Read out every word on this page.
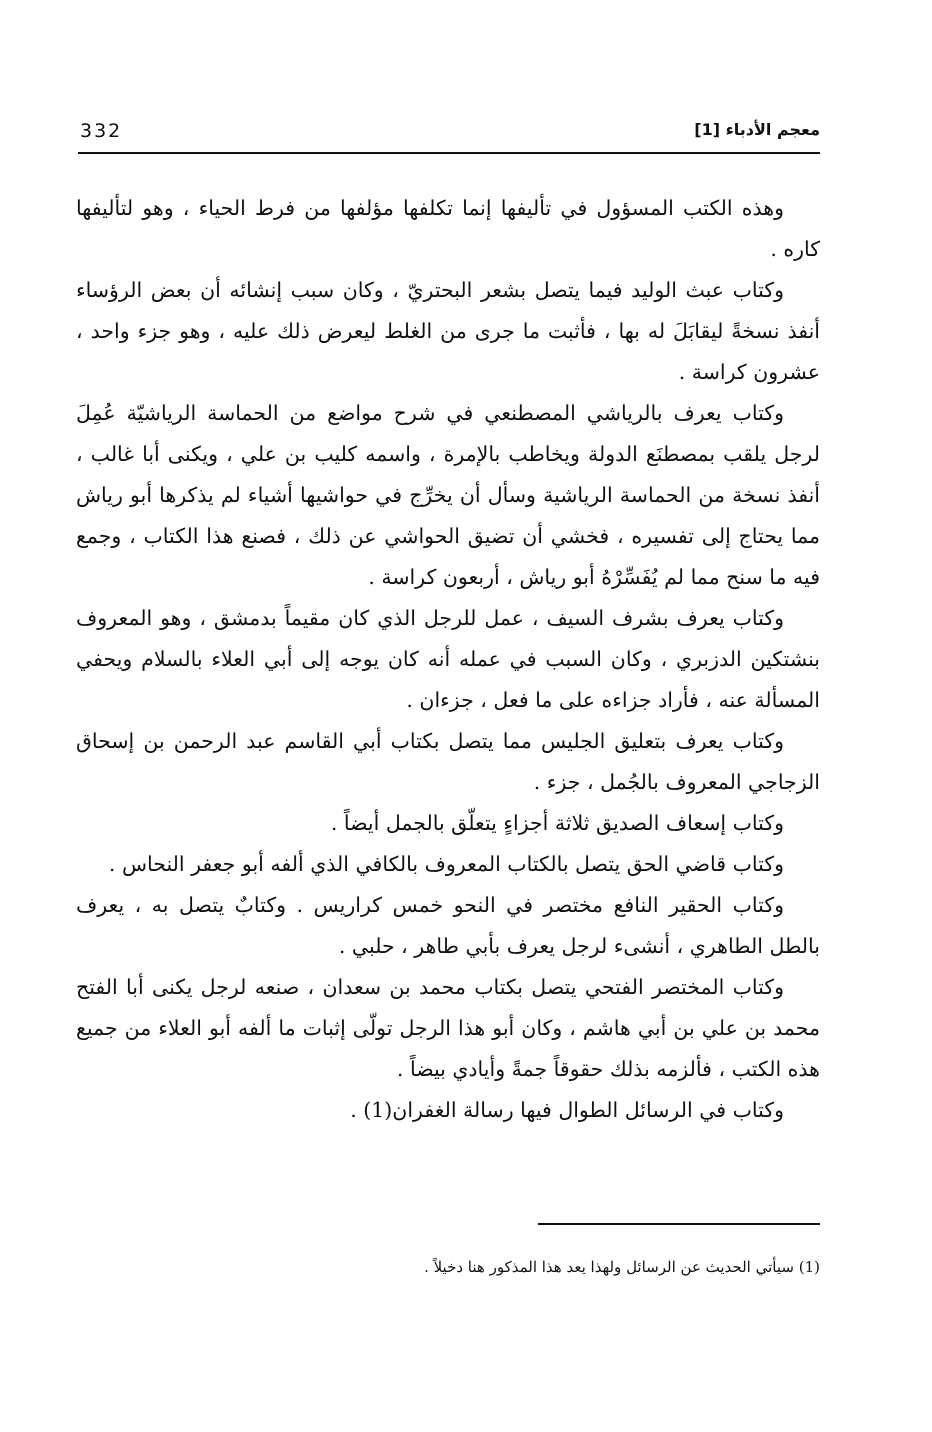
332	معجم الأدباء [1]

وهذه الكتب المسؤول في تأليفها إنما تكلفها مؤلفها من فرط الحياء ، وهو لتأليفها كاره .

وكتاب عبث الوليد فيما يتصل بشعر البحتريّ ، وكان سبب إنشائه أن بعض الرؤساء أنفذ نسخةً ليقابَلَ له بها ، فأثبت ما جرى من الغلط ليعرض ذلك عليه ، وهو جزء واحد ، عشرون كراسة .

وكتاب يعرف بالرياشي المصطنعي في شرح مواضع من الحماسة الرياشيّة عُمِلَ لرجل يلقب بمصطنَع الدولة ويخاطب بالإمرة ، واسمه كليب بن علي ، ويكنى أبا غالب ، أنفذ نسخة من الحماسة الرياشية وسأل أن يخرِّج في حواشيها أشياء لم يذكرها أبو رياش مما يحتاج إلى تفسيره ، فخشي أن تضيق الحواشي عن ذلك ، فصنع هذا الكتاب ، وجمع فيه ما سنح مما لم يُفَسِّرْهُ أبو رياش ، أربعون كراسة .

وكتاب يعرف بشرف السيف ، عمل للرجل الذي كان مقيماً بدمشق ، وهو المعروف بنشتكين الدزبري ، وكان السبب في عمله أنه كان يوجه إلى أبي العلاء بالسلام ويحفي المسألة عنه ، فأراد جزاءه على ما فعل ، جزءان .

وكتاب يعرف بتعليق الجليس مما يتصل بكتاب أبي القاسم عبد الرحمن بن إسحاق الزجاجي المعروف بالجُمل ، جزء .

وكتاب إسعاف الصديق ثلاثة أجزاءٍ يتعلّق بالجمل أيضاً .

وكتاب قاضي الحق يتصل بالكتاب المعروف بالكافي الذي ألفه أبو جعفر النحاس .

وكتاب الحقير النافع مختصر في النحو خمس كراريس . وكتابٌ يتصل به ، يعرف بالطل الطاهري ، أنشىء لرجل يعرف بأبي طاهر ، حلبي .

وكتاب المختصر الفتحي يتصل بكتاب محمد بن سعدان ، صنعه لرجل يكنى أبا الفتح محمد بن علي بن أبي هاشم ، وكان أبو هذا الرجل تولّى إثبات ما ألفه أبو العلاء من جميع هذه الكتب ، فألزمه بذلك حقوقاً جمةً وأيادي بيضاً .

وكتاب في الرسائل الطوال فيها رسالة الغفران(1) .

(1) سيأتي الحديث عن الرسائل ولهذا يعد هذا المذكور هنا دخيلاً .
